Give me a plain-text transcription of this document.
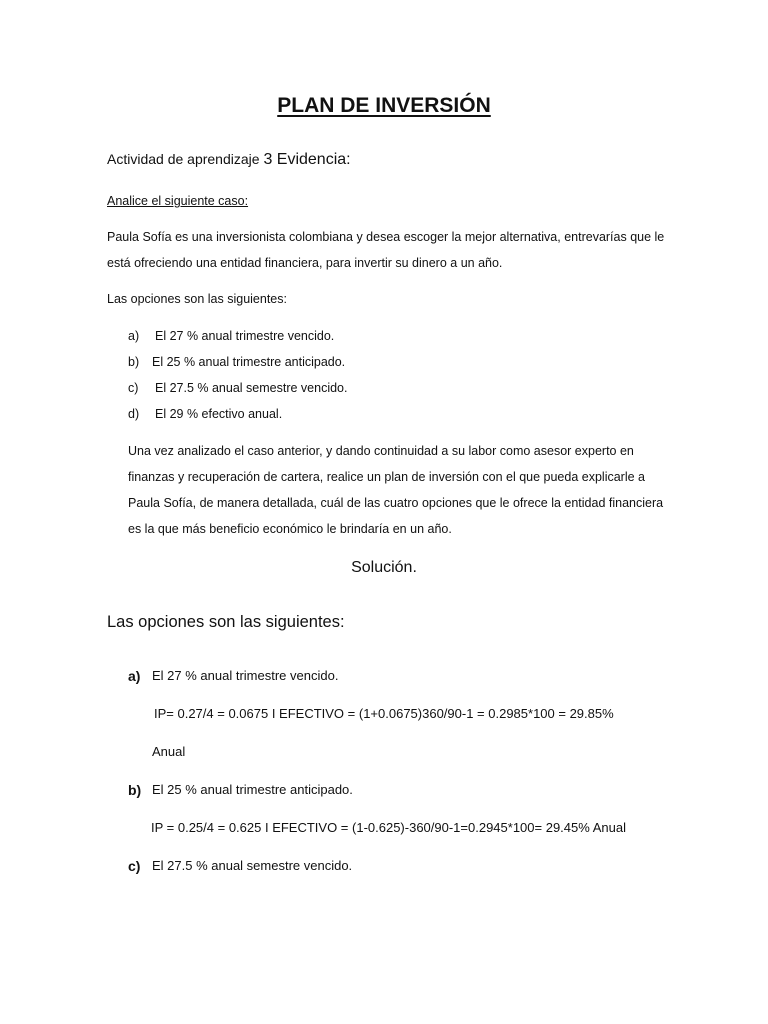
PLAN DE INVERSIÓN

Actividad de aprendizaje 3 Evidencia:

Analice el siguiente caso:

Paula Sofía es una inversionista colombiana y desea escoger la mejor alternativa, entrevarías que le

está ofreciendo una entidad financiera, para invertir su dinero a un año.

Las opciones son las siguientes:

a) El 27 % anual trimestre vencido.
b) El 25 % anual trimestre anticipado.
c) El 27.5 % anual semestre vencido.
d) El 29 % efectivo anual.

Una vez analizado el caso anterior, y dando continuidad a su labor como asesor experto en

finanzas y recuperación de cartera, realice un plan de inversión con el que pueda explicarle a

Paula Sofía, de manera detallada, cuál de las cuatro opciones que le ofrece la entidad financiera

es la que más beneficio económico le brindaría en un año.

Solución.
Las opciones son las siguientes:
a) El 27 % anual trimestre vencido.

IP= 0.27/4 = 0.0675 I EFECTIVO = (1+0.0675)360/90-1 = 0.2985*100 = 29.85%

Anual

b) El 25 % anual trimestre anticipado.

IP = 0.25/4 = 0.625 I EFECTIVO = (1-0.625)-360/90-1=0.2945*100= 29.45% Anual

c) El 27.5 % anual semestre vencido.
